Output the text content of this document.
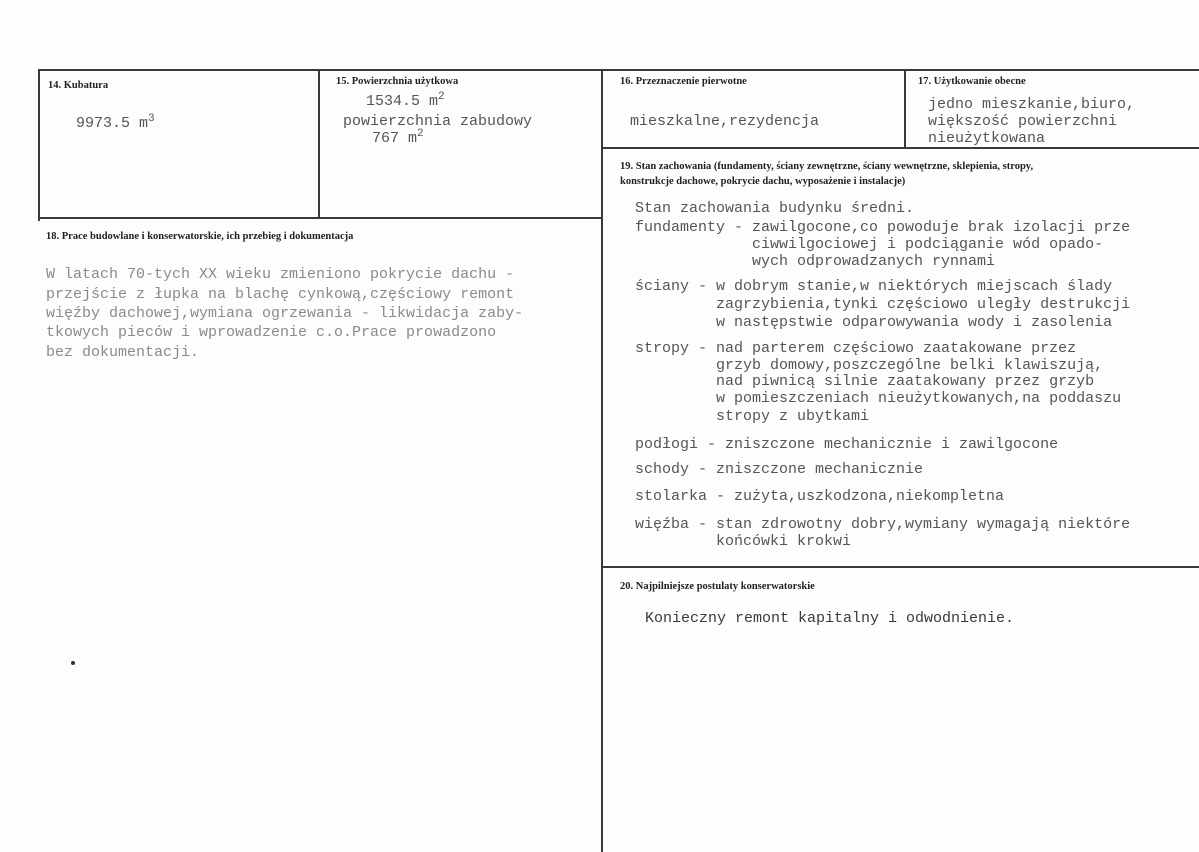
14. Kubatura
9973.5 $m^3$
15. Powierzchnia użytkowa
1534.5 $m^2$
powierzchnia zabudowy
767 $m^2$
16. Przeznaczenie pierwotne
mieszkalne,rezydencja
17. Użytkowanie obecne
jedno mieszkanie,biuro,
większość powierzchni
nieużytkowana
18. Prace budowlane i konserwatorskie, ich przebieg i dokumentacja
W latach 70-tych XX wieku zmieniono pokrycie dachu -
przejście z łupka na blachę cynkową,częściowy remont
więźby dachowej,wymiana ogrzewania - likwidacja zaby-
tkowych pieców i wprowadzenie c.o.Prace prowadzono
bez dokumentacji.
19. Stan zachowania (fundamenty, ściany zewnętrzne, ściany wewnętrzne, sklepienia, stropy,
konstrukcje dachowe, pokrycie dachu, wyposażenie i instalacje)
Stan zachowania budynku średni.
fundamenty - zawilgocone,co powoduje brak izolacji prze
ciwwilgociowej i podciąganie wód opado-
wych odprowadzanych rynnami
ściany - w dobrym stanie,w niektórych miejscach ślady
zagrzybienia,tynki częściowo uległy destrukcji
w następstwie odparowywania wody i zasolenia
stropy - nad parterem częściowo zaatakowane przez
grzyb domowy,poszczególne belki klawiszują,
nad piwnicą silnie zaatakowany przez grzyb
w pomieszczeniach nieużytkowanych,na poddaszu
stropy z ubytkami
podłogi - zniszczone mechanicznie i zawilgocone
schody - zniszczone mechanicznie
stolarka - zużyta,uszkodzona,niekompletna
więźba - stan zdrowotny dobry,wymiany wymagają niektóre
końcówki krokwi
20. Najpilniejsze postulaty konserwatorskie
Konieczny remont kapitalny i odwodnienie.
